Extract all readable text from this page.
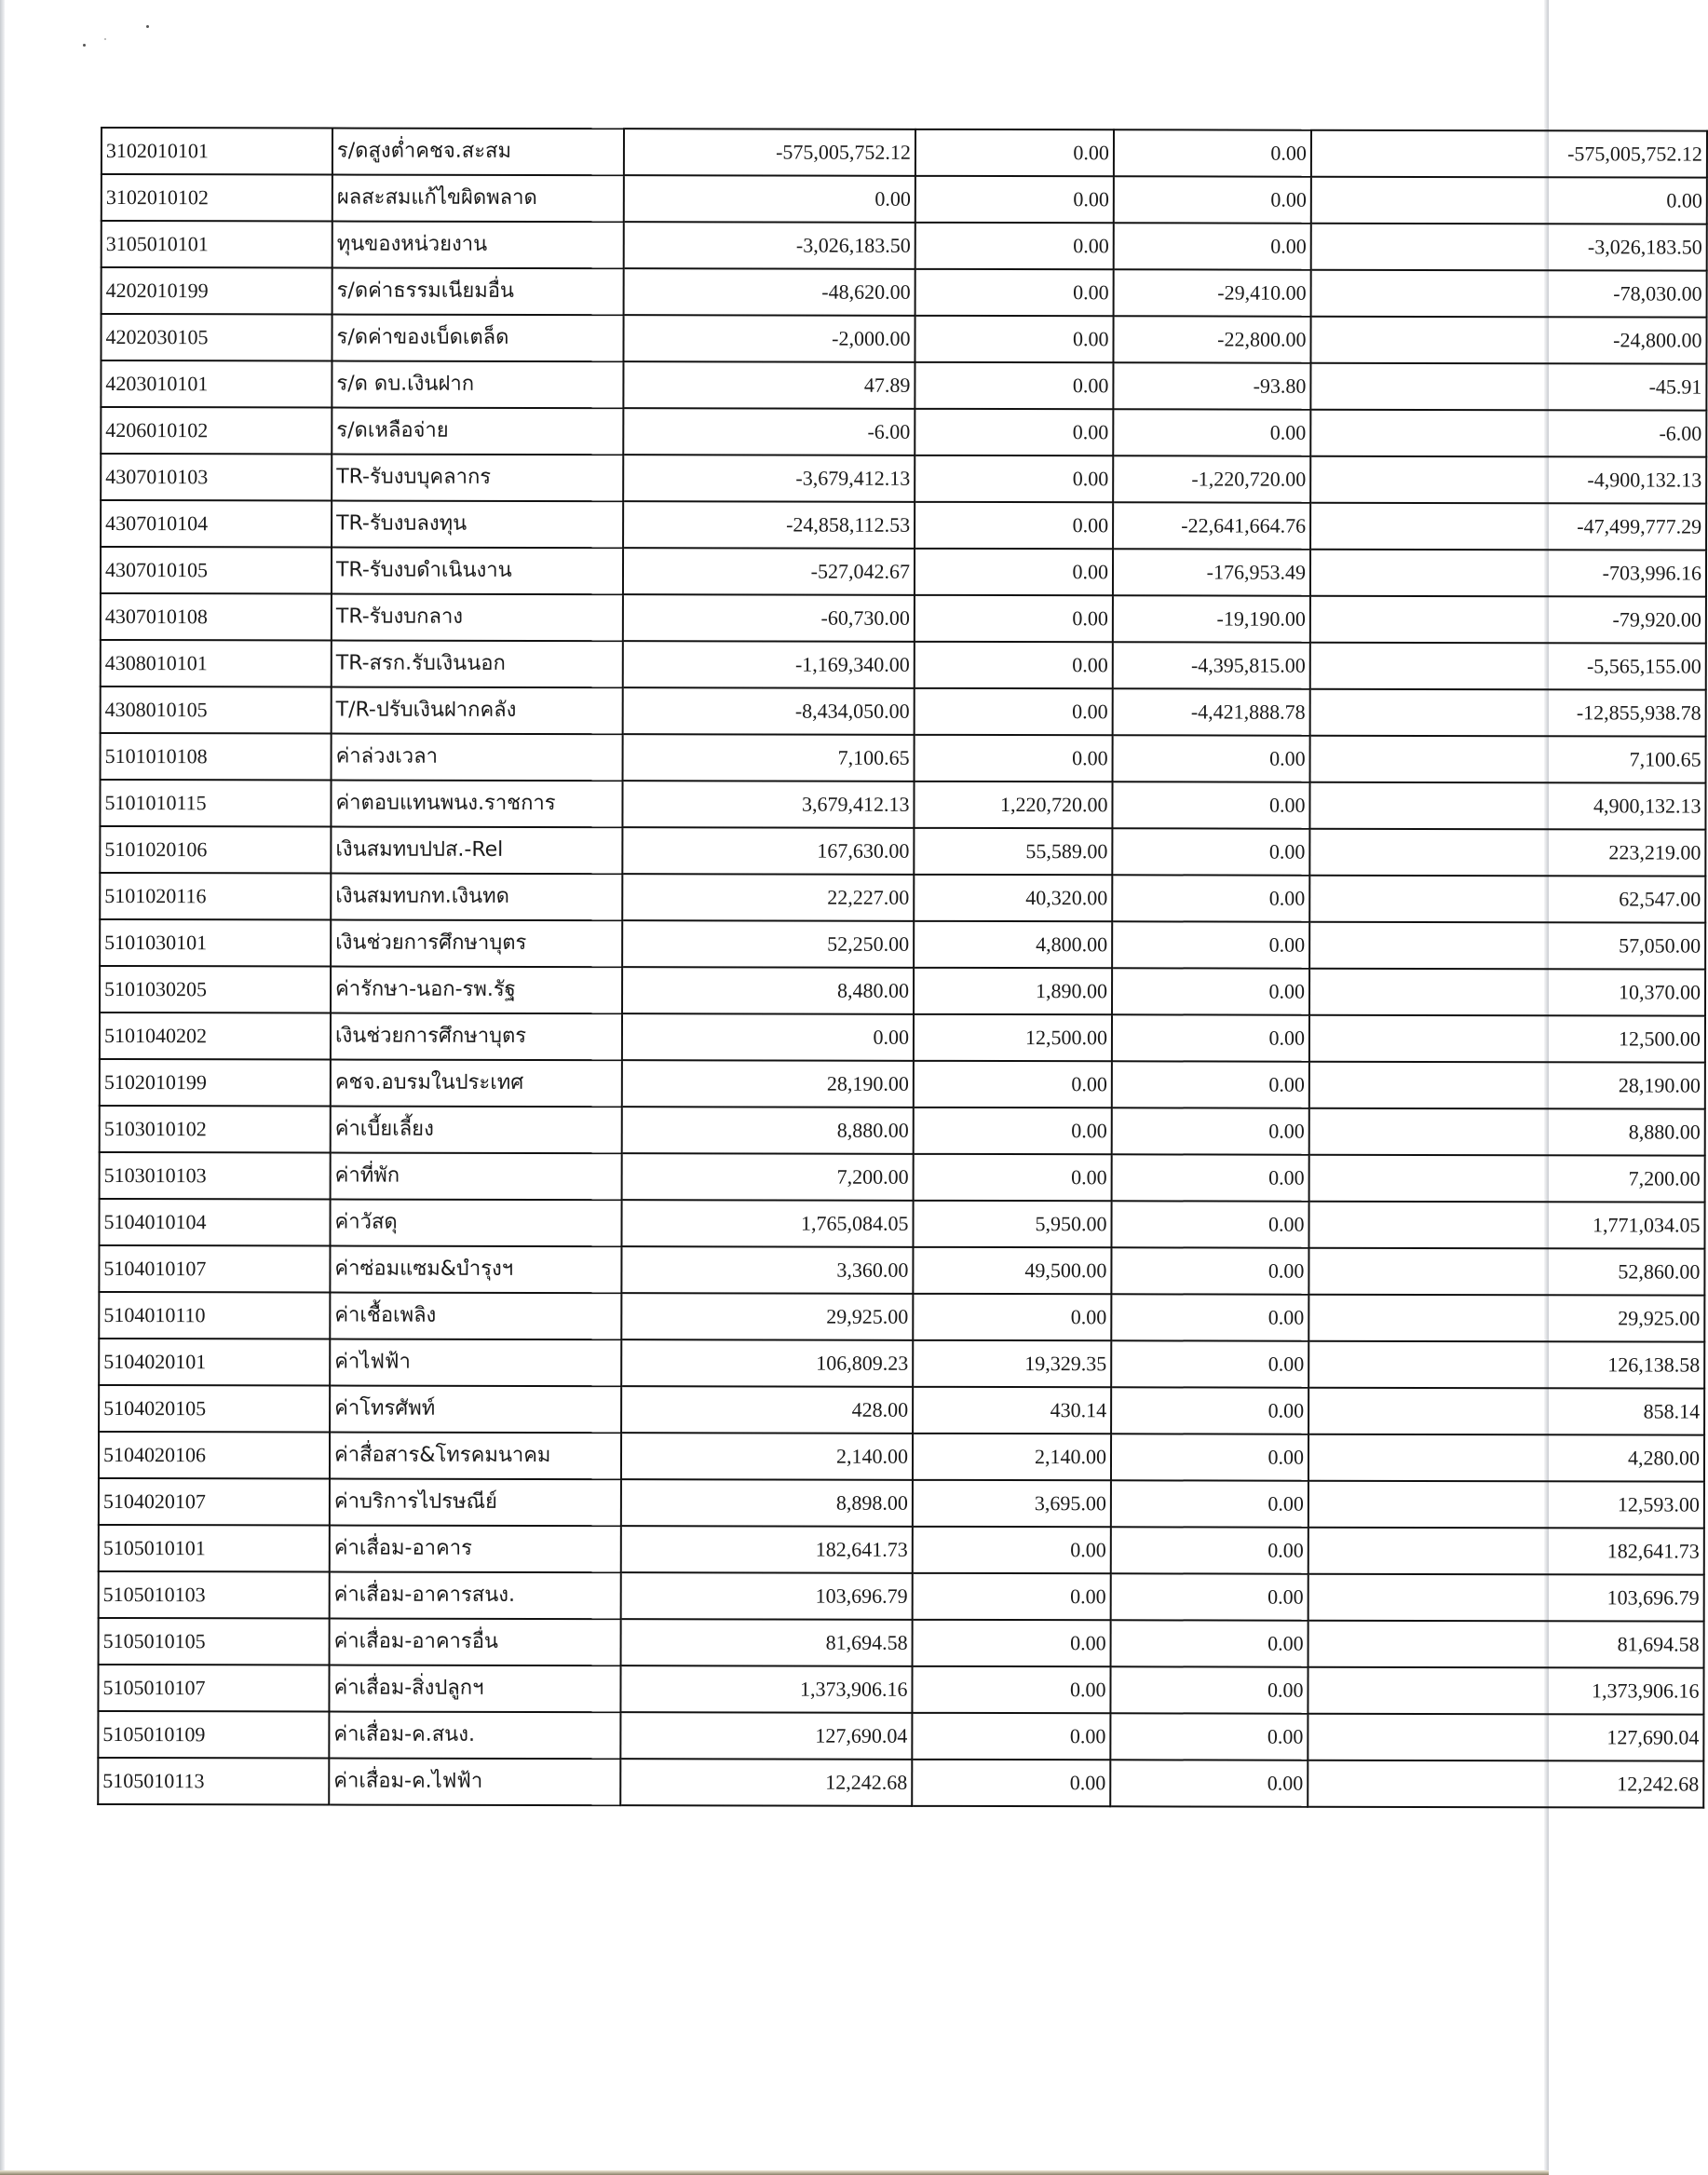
3102010101	ร/ดสูงต่ำคชจ.สะสม	-575,005,752.12	0.00	0.00	-575,005,752.12
3102010102	ผลสะสมแก้ไขผิดพลาด	0.00	0.00	0.00	0.00
3105010101	ทุนของหน่วยงาน	-3,026,183.50	0.00	0.00	-3,026,183.50
4202010199	ร/ดค่าธรรมเนียมอื่น	-48,620.00	0.00	-29,410.00	-78,030.00
4202030105	ร/ดค่าของเบ็ดเตล็ด	-2,000.00	0.00	-22,800.00	-24,800.00
4203010101	ร/ด ดบ.เงินฝาก	47.89	0.00	-93.80	-45.91
4206010102	ร/ดเหลือจ่าย	-6.00	0.00	0.00	-6.00
4307010103	TR-รับงบบุคลากร	-3,679,412.13	0.00	-1,220,720.00	-4,900,132.13
4307010104	TR-รับงบลงทุน	-24,858,112.53	0.00	-22,641,664.76	-47,499,777.29
4307010105	TR-รับงบดำเนินงาน	-527,042.67	0.00	-176,953.49	-703,996.16
4307010108	TR-รับงบกลาง	-60,730.00	0.00	-19,190.00	-79,920.00
4308010101	TR-สรก.รับเงินนอก	-1,169,340.00	0.00	-4,395,815.00	-5,565,155.00
4308010105	T/R-ปรับเงินฝากคลัง	-8,434,050.00	0.00	-4,421,888.78	-12,855,938.78
5101010108	ค่าล่วงเวลา	7,100.65	0.00	0.00	7,100.65
5101010115	ค่าตอบแทนพนง.ราชการ	3,679,412.13	1,220,720.00	0.00	4,900,132.13
5101020106	เงินสมทบปปส.-Rel	167,630.00	55,589.00	0.00	223,219.00
5101020116	เงินสมทบกท.เงินทด	22,227.00	40,320.00	0.00	62,547.00
5101030101	เงินช่วยการศึกษาบุตร	52,250.00	4,800.00	0.00	57,050.00
5101030205	ค่ารักษา-นอก-รพ.รัฐ	8,480.00	1,890.00	0.00	10,370.00
5101040202	เงินช่วยการศึกษาบุตร	0.00	12,500.00	0.00	12,500.00
5102010199	คชจ.อบรมในประเทศ	28,190.00	0.00	0.00	28,190.00
5103010102	ค่าเบี้ยเลี้ยง	8,880.00	0.00	0.00	8,880.00
5103010103	ค่าที่พัก	7,200.00	0.00	0.00	7,200.00
5104010104	ค่าวัสดุ	1,765,084.05	5,950.00	0.00	1,771,034.05
5104010107	ค่าซ่อมแซม&บำรุงฯ	3,360.00	49,500.00	0.00	52,860.00
5104010110	ค่าเชื้อเพลิง	29,925.00	0.00	0.00	29,925.00
5104020101	ค่าไฟฟ้า	106,809.23	19,329.35	0.00	126,138.58
5104020105	ค่าโทรศัพท์	428.00	430.14	0.00	858.14
5104020106	ค่าสื่อสาร&โทรคมนาคม	2,140.00	2,140.00	0.00	4,280.00
5104020107	ค่าบริการไปรษณีย์	8,898.00	3,695.00	0.00	12,593.00
5105010101	ค่าเสื่อม-อาคาร	182,641.73	0.00	0.00	182,641.73
5105010103	ค่าเสื่อม-อาคารสนง.	103,696.79	0.00	0.00	103,696.79
5105010105	ค่าเสื่อม-อาคารอื่น	81,694.58	0.00	0.00	81,694.58
5105010107	ค่าเสื่อม-สิ่งปลูกฯ	1,373,906.16	0.00	0.00	1,373,906.16
5105010109	ค่าเสื่อม-ค.สนง.	127,690.04	0.00	0.00	127,690.04
5105010113	ค่าเสื่อม-ค.ไฟฟ้า	12,242.68	0.00	0.00	12,242.68
